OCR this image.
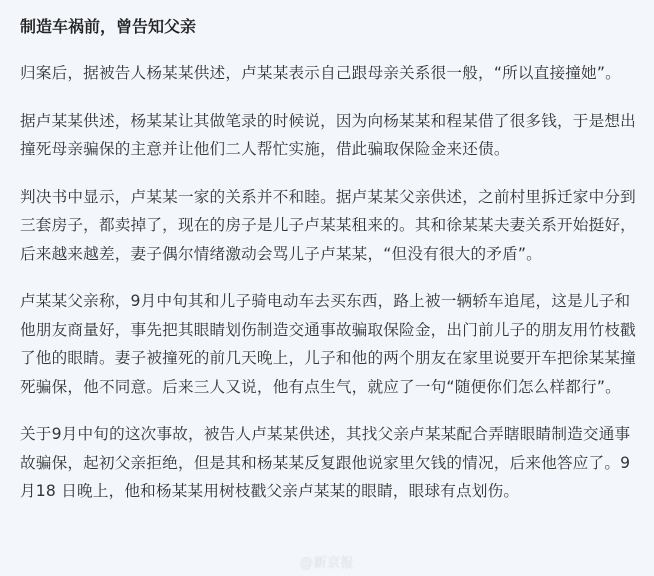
制造车祸前，曾告知父亲

归案后，据被告人杨某某供述，卢某某表示自己跟母亲关系很一般，“所以直接撞她”。

据卢某某供述，杨某某让其做笔录的时候说，因为向杨某某和程某借了很多钱，于是想出撞死母亲骗保的主意并让他们二人帮忙实施，借此骗取保险金来还债。

判决书中显示，卢某某一家的关系并不和睦。据卢某某父亲供述，之前村里拆迁家中分到三套房子，都卖掉了，现在的房子是儿子卢某某租来的。其和徐某某夫妻关系开始挺好，后来越来越差，妻子偶尔情绪激动会骂儿子卢某某，“但没有很大的矛盾”。

卢某某父亲称，9月中旬其和儿子骑电动车去买东西，路上被一辆轿车追尾，这是儿子和他朋友商量好，事先把其眼睛划伤制造交通事故骗取保险金，出门前儿子的朋友用竹枝戳了他的眼睛。妻子被撞死的前几天晚上，儿子和他的两个朋友在家里说要开车把徐某某撞死骗保，他不同意。后来三人又说，他有点生气，就应了一句“随便你们怎么样都行”。

关于9月中旬的这次事故，被告人卢某某供述，其找父亲卢某某配合弄瞎眼睛制造交通事故骗保，起初父亲拒绝，但是其和杨某某反复跟他说家里欠钱的情况，后来他答应了。9 月18 日晚上，他和杨某某用树枝戳父亲卢某某的眼睛，眼球有点划伤。

@新京报
